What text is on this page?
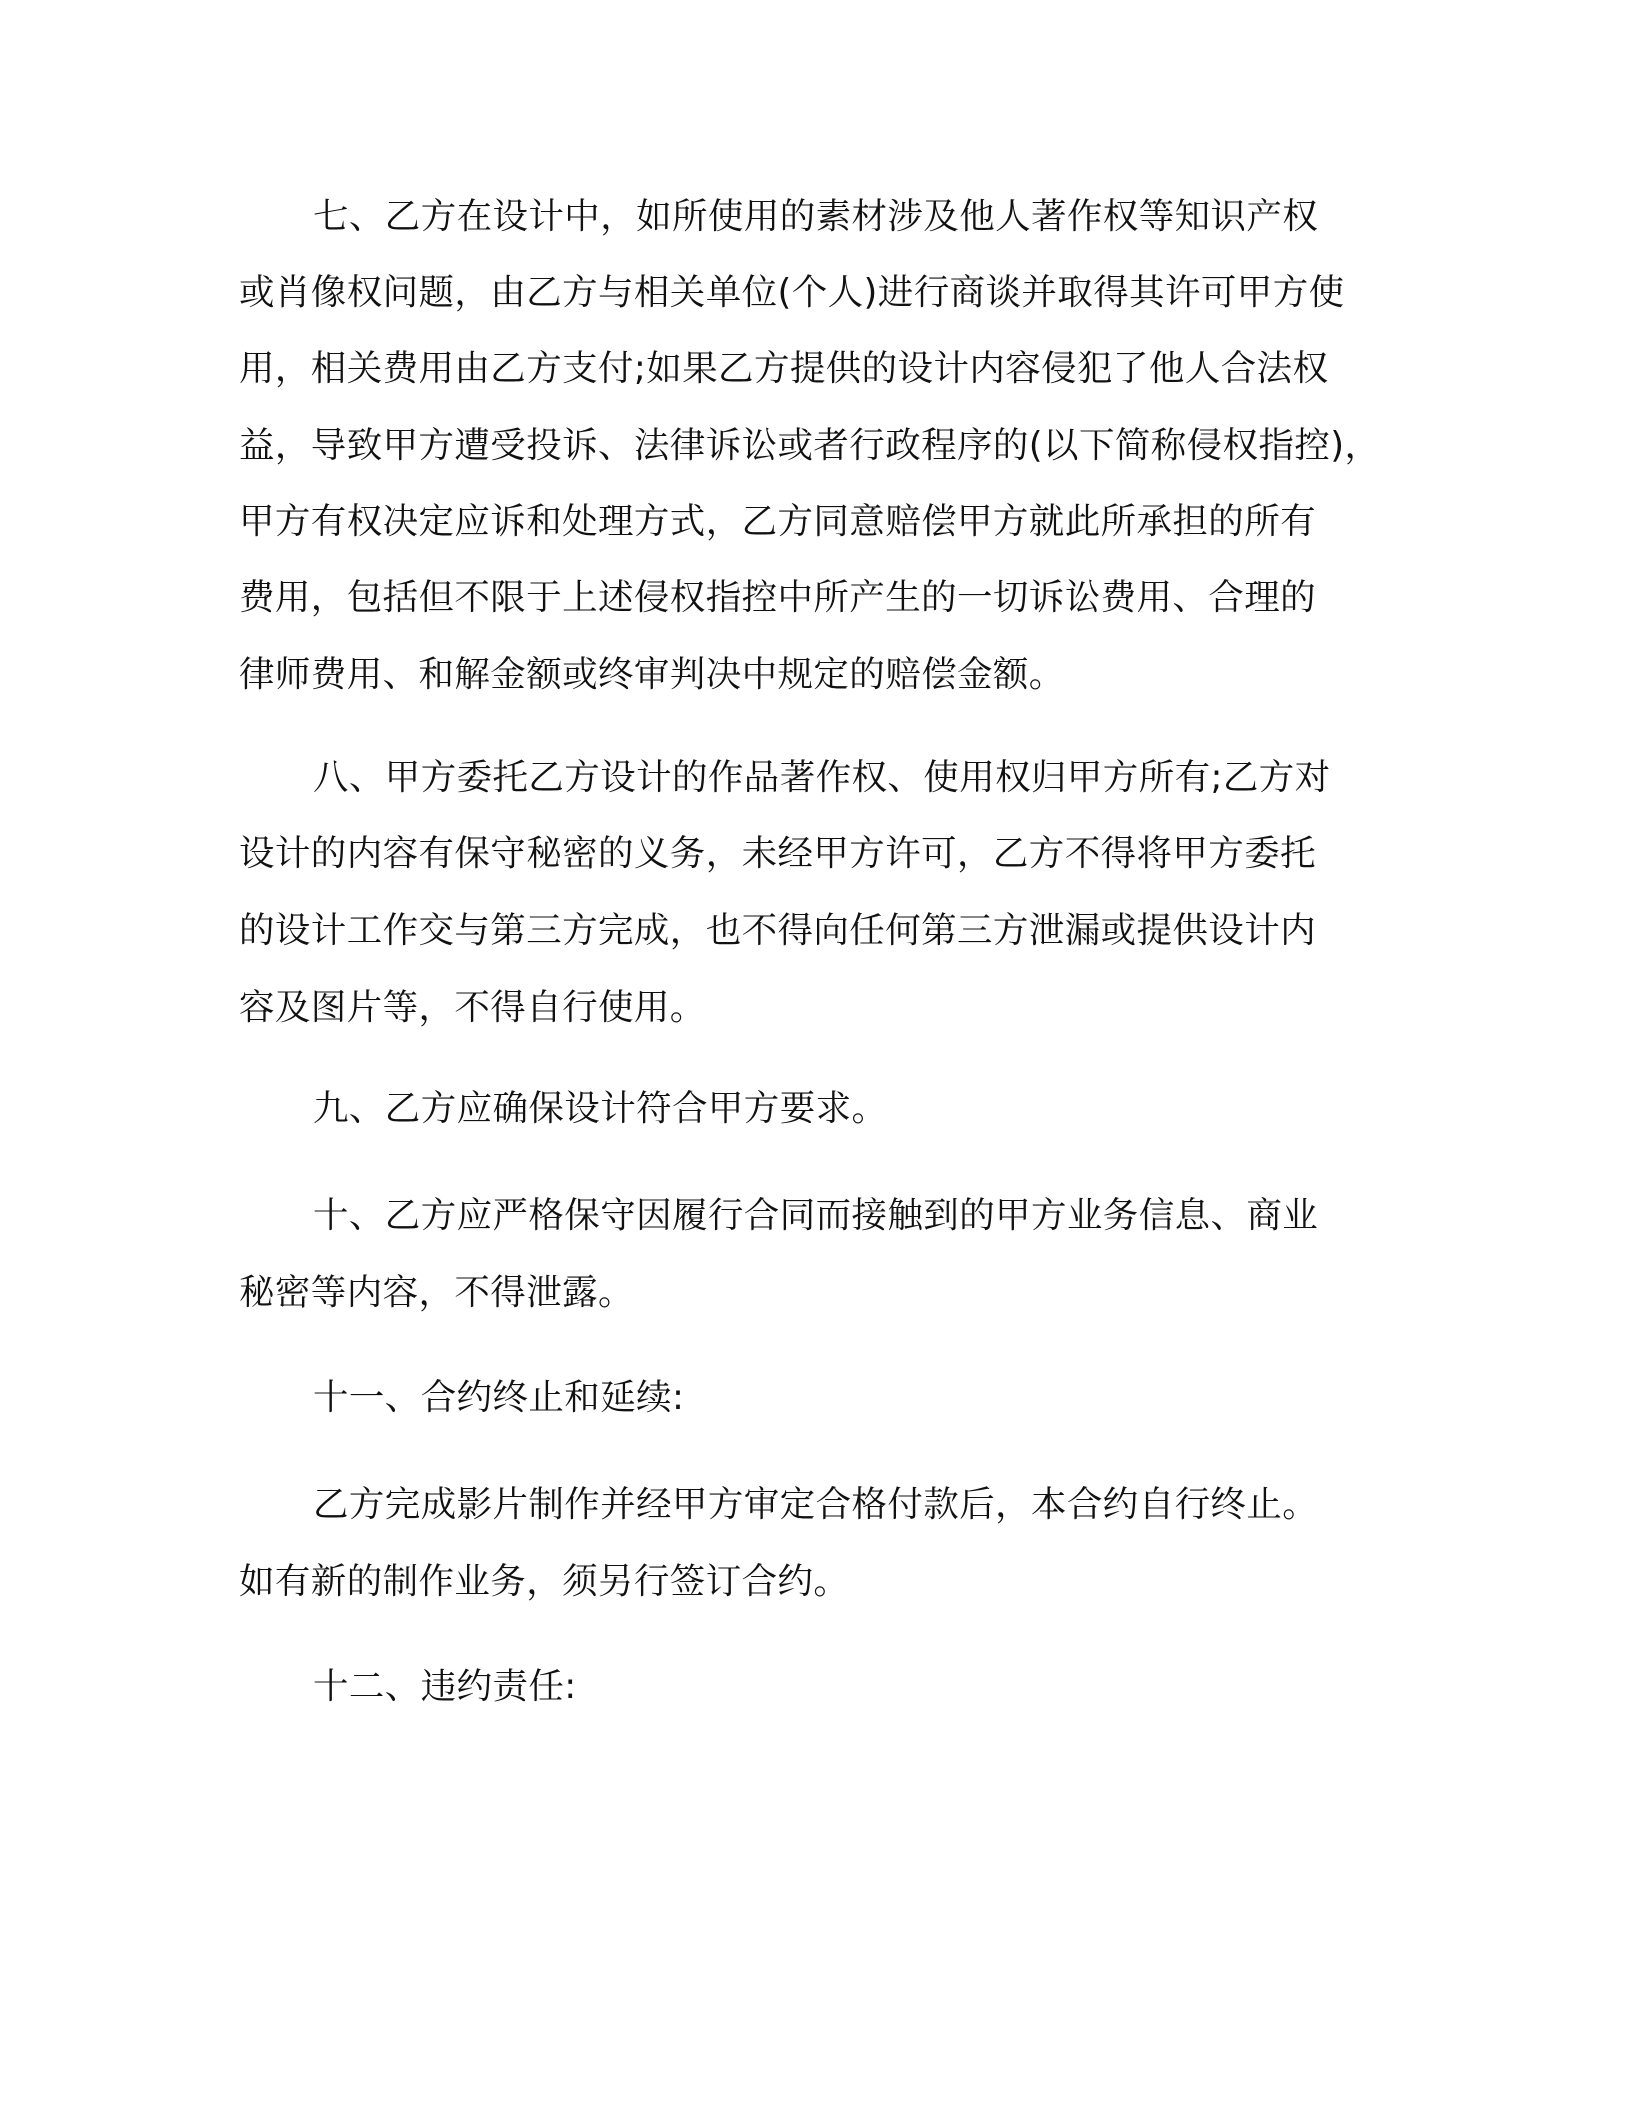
七、乙方在设计中，如所使用的素材涉及他人著作权等知识产权
或肖像权问题，由乙方与相关单位(个人)进行商谈并取得其许可甲方使
用，相关费用由乙方支付;如果乙方提供的设计内容侵犯了他人合法权
益，导致甲方遭受投诉、法律诉讼或者行政程序的(以下简称侵权指控)，
甲方有权决定应诉和处理方式，乙方同意赔偿甲方就此所承担的所有
费用，包括但不限于上述侵权指控中所产生的一切诉讼费用、合理的
律师费用、和解金额或终审判决中规定的赔偿金额。
八、甲方委托乙方设计的作品著作权、使用权归甲方所有;乙方对
设计的内容有保守秘密的义务，未经甲方许可，乙方不得将甲方委托
的设计工作交与第三方完成，也不得向任何第三方泄漏或提供设计内
容及图片等，不得自行使用。
九、乙方应确保设计符合甲方要求。
十、乙方应严格保守因履行合同而接触到的甲方业务信息、商业
秘密等内容，不得泄露。
十一、合约终止和延续:
乙方完成影片制作并经甲方审定合格付款后，本合约自行终止。
如有新的制作业务，须另行签订合约。
十二、违约责任:
